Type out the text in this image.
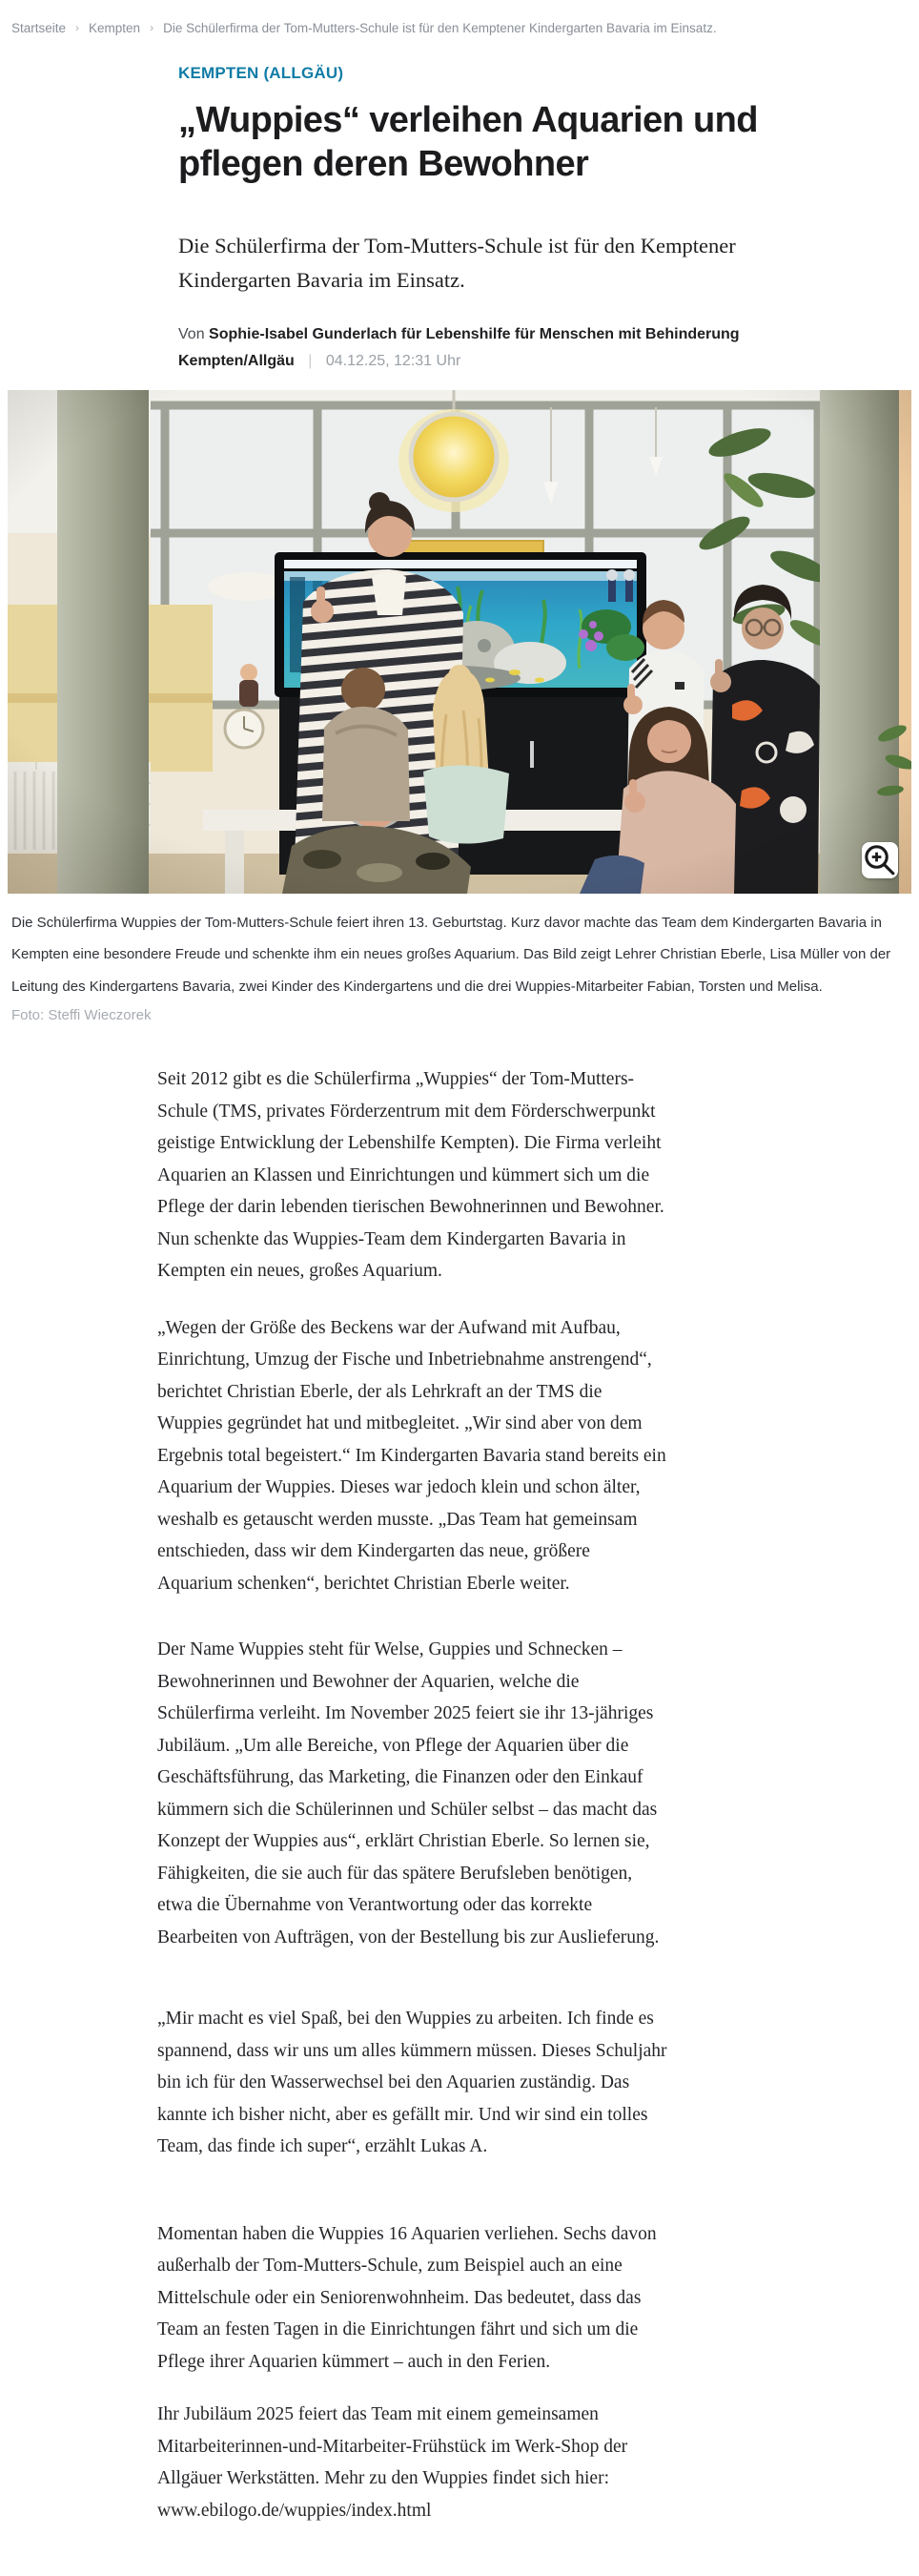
Startseite › Kempten › Die Schülerfirma der Tom-Mutters-Schule ist für den Kemptener Kindergarten Bavaria im Einsatz.
KEMPTEN (ALLGÄU)
„Wuppies“ verleihen Aquarien und pflegen deren Bewohner
Die Schülerfirma der Tom-Mutters-Schule ist für den Kemptener Kindergarten Bavaria im Einsatz.
Von Sophie-Isabel Gunderlach für Lebenshilfe für Menschen mit Behinderung Kempten/Allgäu | 04.12.25, 12:31 Uhr
Die Schülerfirma Wuppies der Tom-Mutters-Schule feiert ihren 13. Geburtstag. Kurz davor machte das Team dem Kindergarten Bavaria in Kempten eine besondere Freude und schenkte ihm ein neues großes Aquarium. Das Bild zeigt Lehrer Christian Eberle, Lisa Müller von der Leitung des Kindergartens Bavaria, zwei Kinder des Kindergartens und die drei Wuppies-Mitarbeiter Fabian, Torsten und Melisa.
Foto: Steffi Wieczorek

Seit 2012 gibt es die Schülerfirma „Wuppies“ der Tom-Mutters-Schule (TMS, privates Förderzentrum mit dem Förderschwerpunkt geistige Entwicklung der Lebenshilfe Kempten). Die Firma verleiht Aquarien an Klassen und Einrichtungen und kümmert sich um die Pflege der darin lebenden tierischen Bewohnerinnen und Bewohner. Nun schenkte das Wuppies-Team dem Kindergarten Bavaria in Kempten ein neues, großes Aquarium.

„Wegen der Größe des Beckens war der Aufwand mit Aufbau, Einrichtung, Umzug der Fische und Inbetriebnahme anstrengend“, berichtet Christian Eberle, der als Lehrkraft an der TMS die Wuppies gegründet hat und mitbegleitet. „Wir sind aber von dem Ergebnis total begeistert.“ Im Kindergarten Bavaria stand bereits ein Aquarium der Wuppies. Dieses war jedoch klein und schon älter, weshalb es getauscht werden musste. „Das Team hat gemeinsam entschieden, dass wir dem Kindergarten das neue, größere Aquarium schenken“, berichtet Christian Eberle weiter.

Der Name Wuppies steht für Welse, Guppies und Schnecken – Bewohnerinnen und Bewohner der Aquarien, welche die Schülerfirma verleiht. Im November 2025 feiert sie ihr 13-jähriges Jubiläum. „Um alle Bereiche, von Pflege der Aquarien über die Geschäftsführung, das Marketing, die Finanzen oder den Einkauf kümmern sich die Schülerinnen und Schüler selbst – das macht das Konzept der Wuppies aus“, erklärt Christian Eberle. So lernen sie, Fähigkeiten, die sie auch für das spätere Berufsleben benötigen, etwa die Übernahme von Verantwortung oder das korrekte Bearbeiten von Aufträgen, von der Bestellung bis zur Auslieferung.

„Mir macht es viel Spaß, bei den Wuppies zu arbeiten. Ich finde es spannend, dass wir uns um alles kümmern müssen. Dieses Schuljahr bin ich für den Wasserwechsel bei den Aquarien zuständig. Das kannte ich bisher nicht, aber es gefällt mir. Und wir sind ein tolles Team, das finde ich super“, erzählt Lukas A.

Momentan haben die Wuppies 16 Aquarien verliehen. Sechs davon außerhalb der Tom-Mutters-Schule, zum Beispiel auch an eine Mittelschule oder ein Seniorenwohnheim. Das bedeutet, dass das Team an festen Tagen in die Einrichtungen fährt und sich um die Pflege ihrer Aquarien kümmert – auch in den Ferien.

Ihr Jubiläum 2025 feiert das Team mit einem gemeinsamen Mitarbeiterinnen-und-Mitarbeiter-Frühstück im Werk-Shop der Allgäuer Werkstätten. Mehr zu den Wuppies findet sich hier: www.ebilogo.de/wuppies/index.html
